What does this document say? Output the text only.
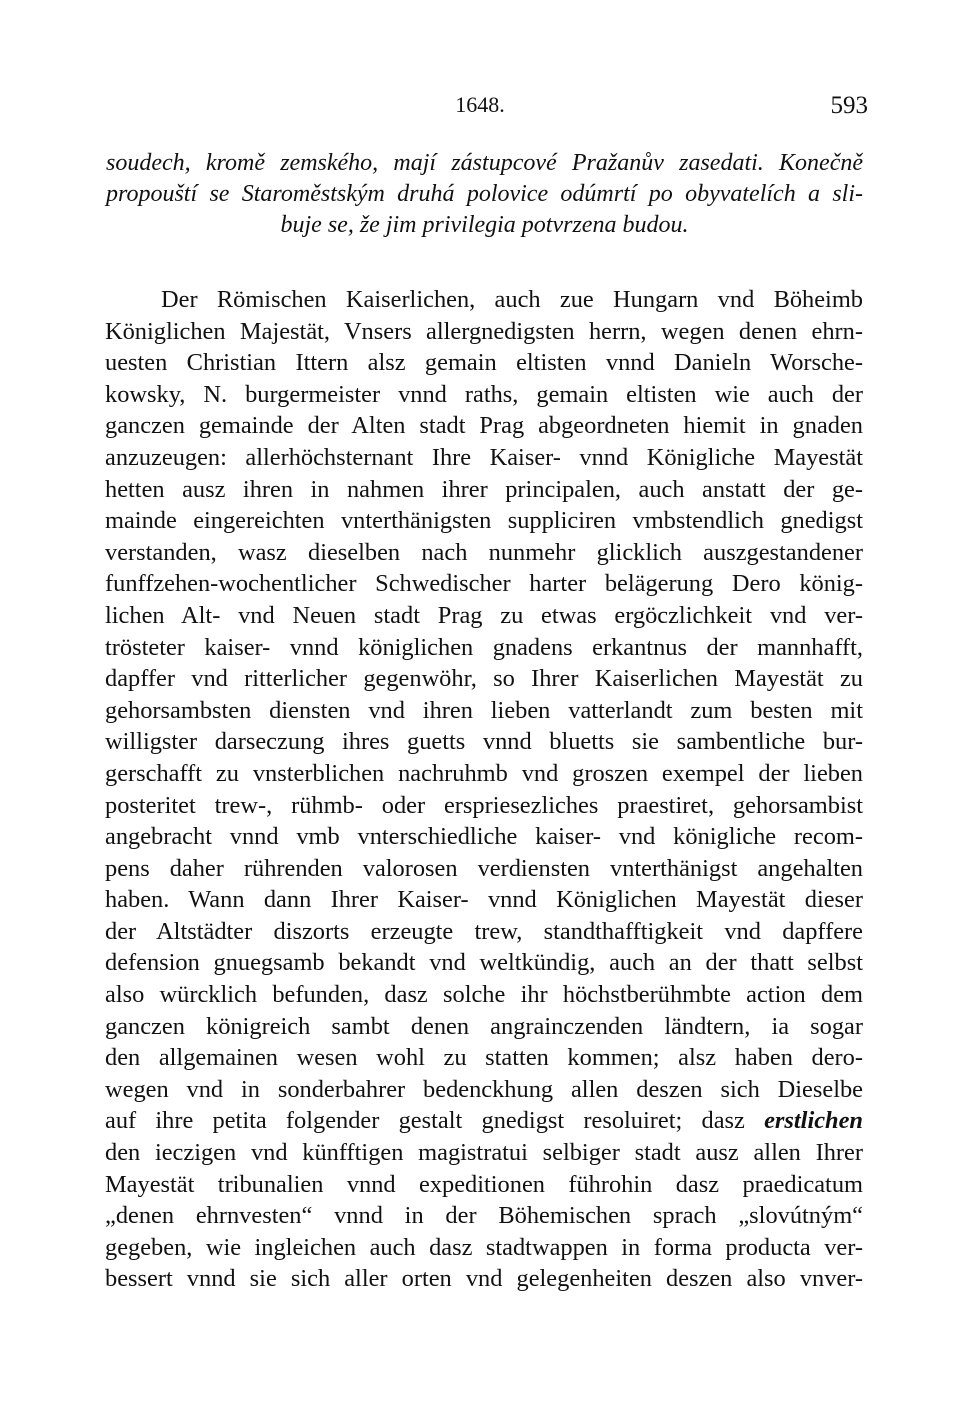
1648.	593

soudech, kromě zemského, mají zástupcové Pražanův zasedati. Konečně
propouští se Staroměstským druhá polovice odúmrtí po obyvatelích a sli-
buje se, že jim privilegia potvrzena budou.

Der Römischen Kaiserlichen, auch zue Hungarn vnd Böheimb
Königlichen Majestät, Vnsers allergnedigsten herrn, wegen denen ehrn-
uesten Christian Ittern alsz gemain eltisten vnnd Danieln Worsche-
kowsky, N. burgermeister vnnd raths, gemain eltisten wie auch der
ganczen gemainde der Alten stadt Prag abgeordneten hiemit in gnaden
anzuzeugen: allerhöchsternant Ihre Kaiser- vnnd Königliche Mayestät
hetten ausz ihren in nahmen ihrer principalen, auch anstatt der ge-
mainde eingereichten vnterthänigsten suppliciren vmbstendlich gnedigst
verstanden, wasz dieselben nach nunmehr glicklich auszgestandener
funffzehen-wochentlicher Schwedischer harter belägerung Dero könig-
lichen Alt- vnd Neuen stadt Prag zu etwas ergöczlichkeit vnd ver-
trösteter kaiser- vnnd königlichen gnadens erkantnus der mannhafft,
dapffer vnd ritterlicher gegenwöhr, so Ihrer Kaiserlichen Mayestät zu
gehorsambsten diensten vnd ihren lieben vatterlandt zum besten mit
willigster darseczung ihres guetts vnnd bluetts sie sambentliche bur-
gerschafft zu vnsterblichen nachruhmb vnd groszen exempel der lieben
posteritet trew-, rühmb- oder erspriesezliches praestiret, gehorsambist
angebracht vnnd vmb vnterschiedliche kaiser- vnd königliche recom-
pens daher rührenden valorosen verdiensten vnterthänigst angehalten
haben. Wann dann Ihrer Kaiser- vnnd Königlichen Mayestät dieser
der Altstädter diszorts erzeugte trew, standthafftigkeit vnd dapffere
defension gnuegsamb bekandt vnd weltkündig, auch an der thatt selbst
also würcklich befunden, dasz solche ihr höchstberühmbte action dem
ganczen königreich sambt denen angrainczenden ländtern, ia sogar
den allgemainen wesen wohl zu statten kommen; alsz haben dero-
wegen vnd in sonderbahrer bedenckhung allen deszen sich Dieselbe
auf ihre petita folgender gestalt gnedigst resoluiret; dasz erstlichen
den ieczigen vnd künfftigen magistratui selbiger stadt ausz allen Ihrer
Mayestät tribunalien vnnd expeditionen führohin dasz praedicatum
„denen ehrnvesten“ vnnd in der Böhemischen sprach „slovútným“
gegeben, wie ingleichen auch dasz stadtwappen in forma producta ver-
bessert vnnd sie sich aller orten vnd gelegenheiten deszen also vnver-
